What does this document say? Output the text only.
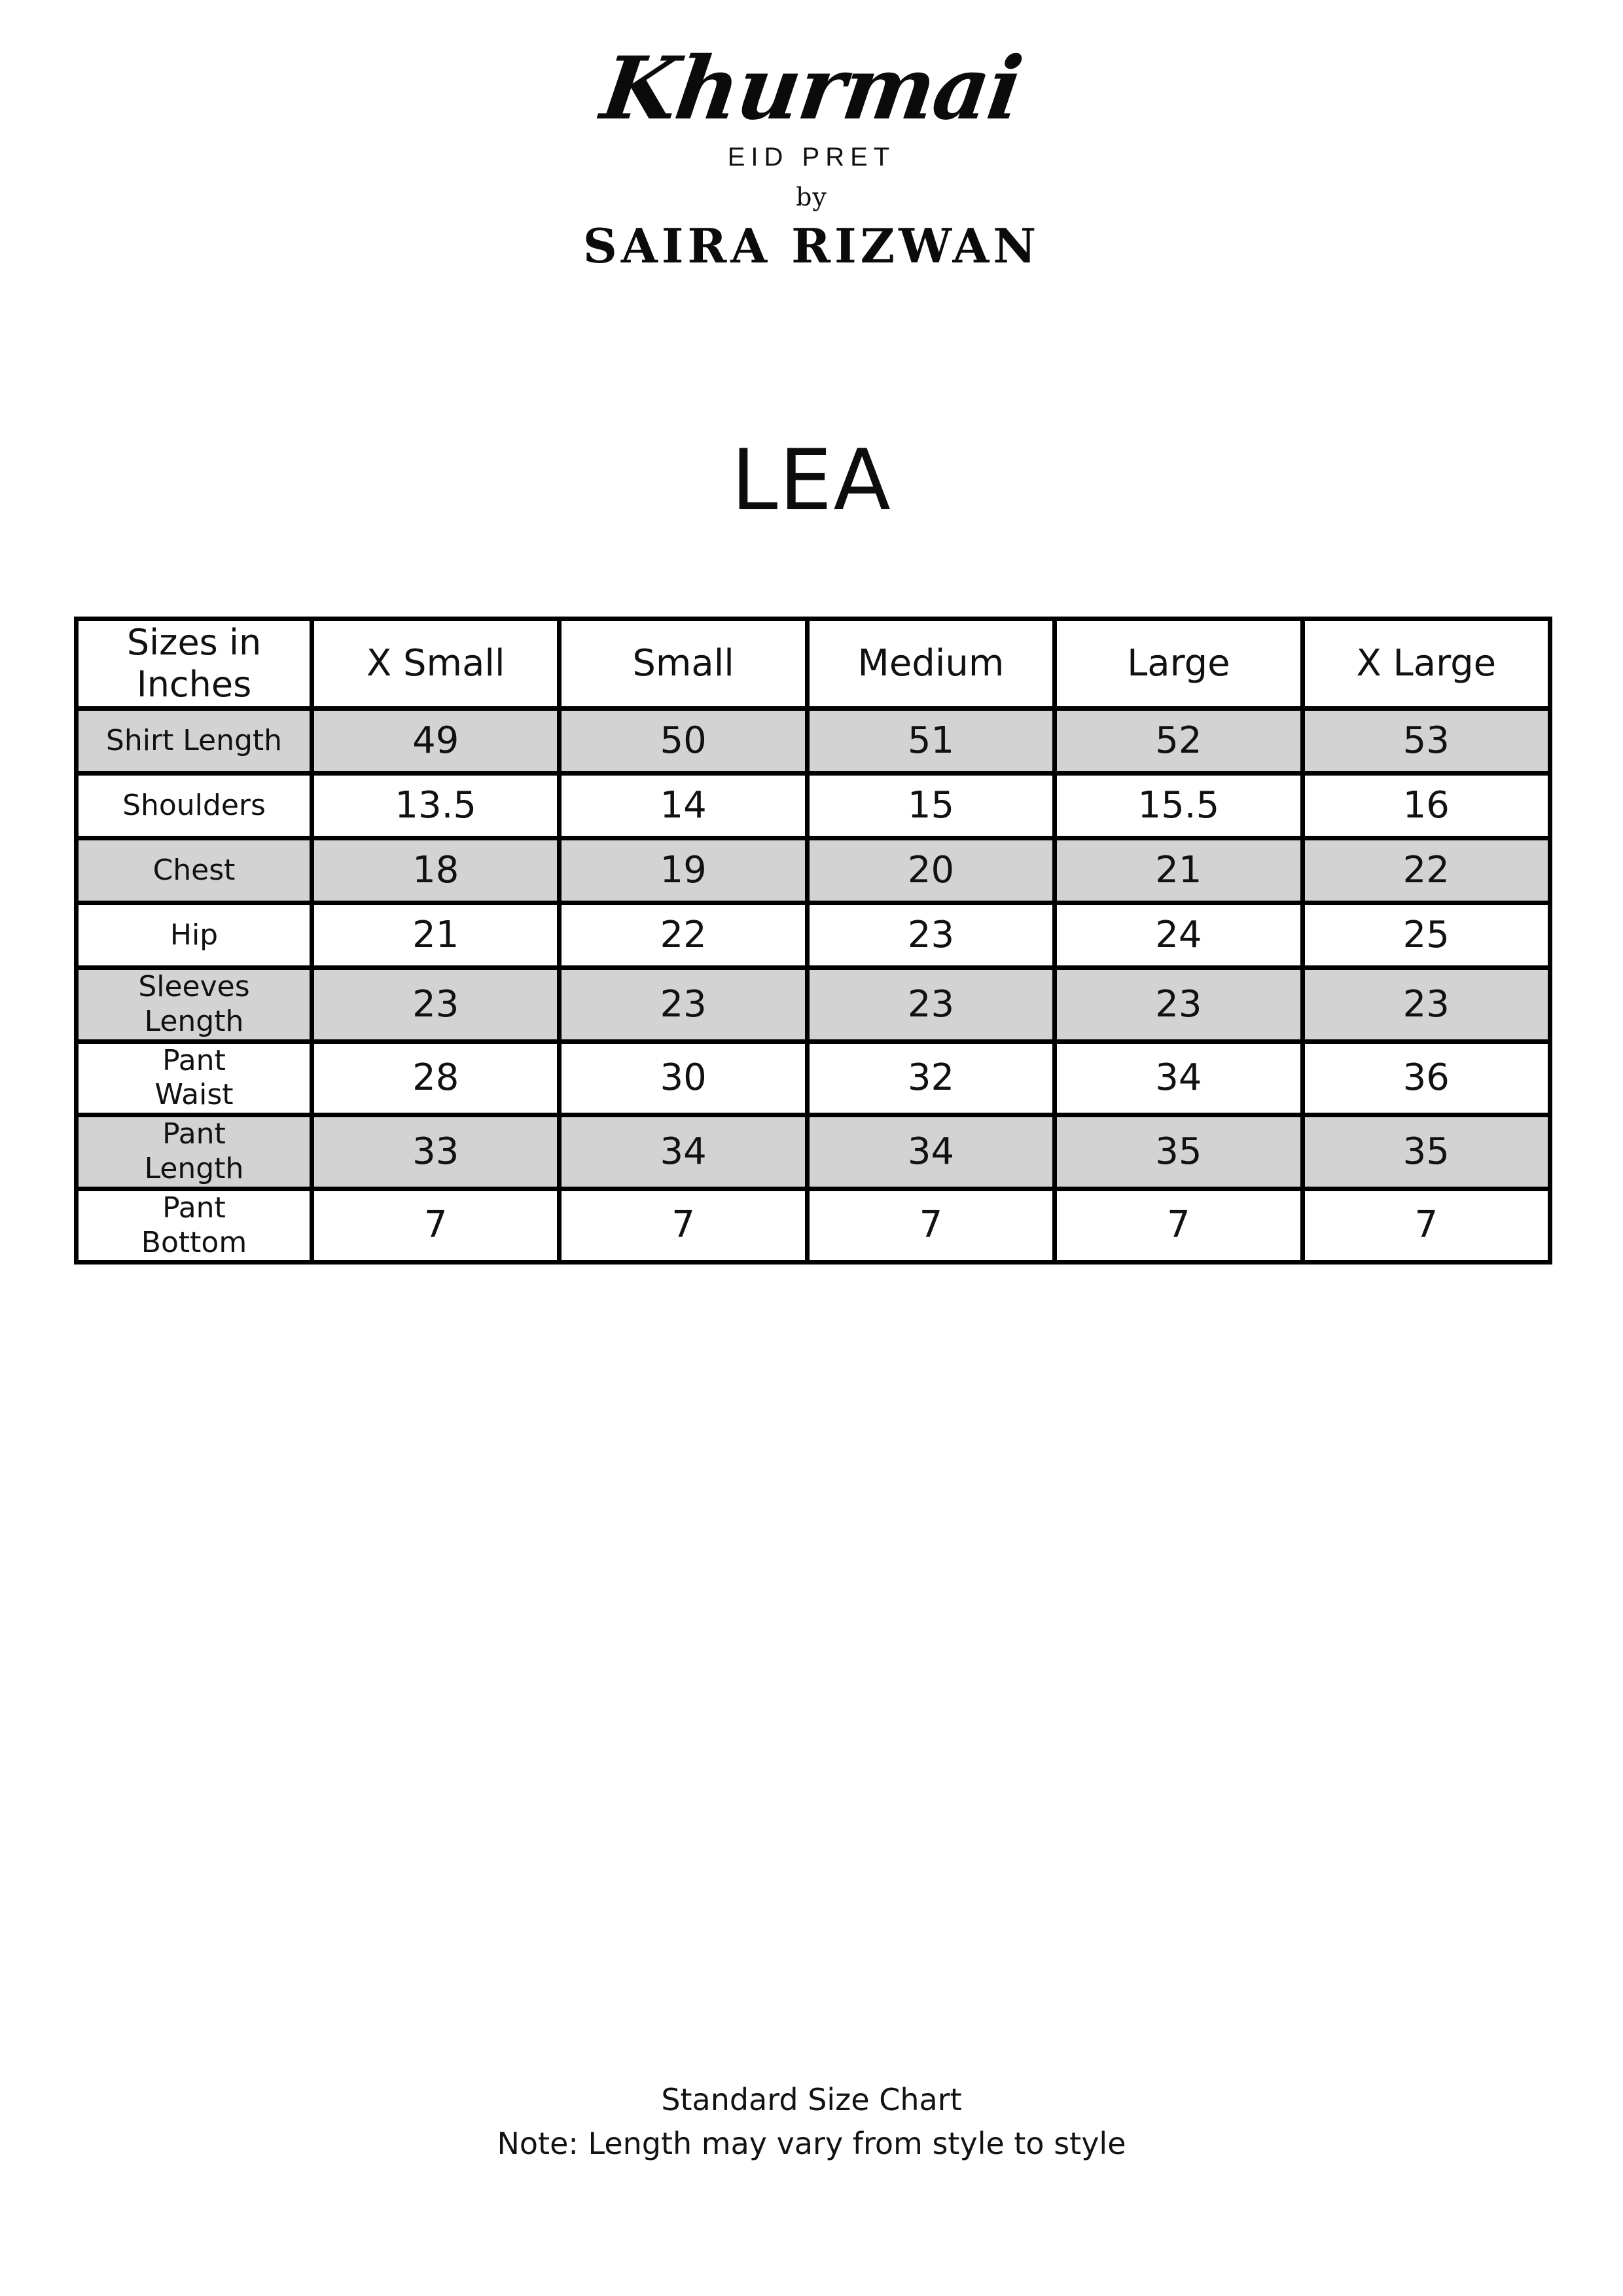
Khurmai
EID PRET
by
SAIRA RIZWAN
LEA
Sizes in
Inches	X Small	Small	Medium	Large	X Large

Shirt Length	49	50	51	52	53

Shoulders	13.5	14	15	15.5	16

Chest	18	19	20	21	22

Hip	21	22	23	24	25

Sleeves
Length	23	23	23	23	23

Pant
Waist	28	30	32	34	36

Pant
Length	33	34	34	35	35

Pant
Bottom	7	7	7	7	7
Standard Size Chart
Note: Length may vary from style to style
